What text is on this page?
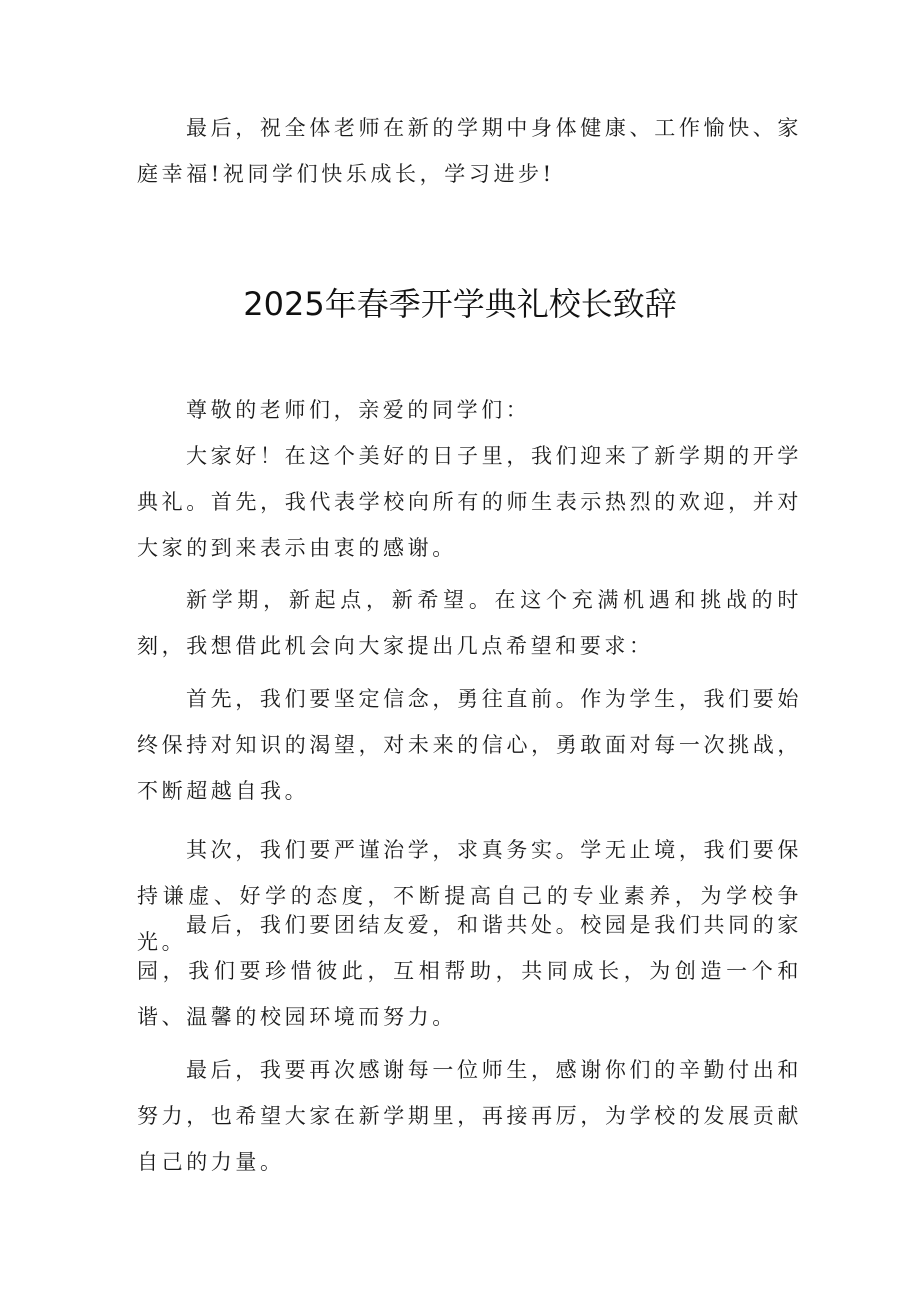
最后，祝全体老师在新的学期中身体健康、工作愉快、家庭幸福!祝同学们快乐成长，学习进步!

2025年春季开学典礼校长致辞

尊敬的老师们，亲爱的同学们：

大家好！在这个美好的日子里，我们迎来了新学期的开学典礼。首先，我代表学校向所有的师生表示热烈的欢迎，并对大家的到来表示由衷的感谢。

新学期，新起点，新希望。在这个充满机遇和挑战的时刻，我想借此机会向大家提出几点希望和要求：

首先，我们要坚定信念，勇往直前。作为学生，我们要始终保持对知识的渴望，对未来的信心，勇敢面对每一次挑战，不断超越自我。

其次，我们要严谨治学，求真务实。学无止境，我们要保持谦虚、好学的态度，不断提高自己的专业素养，为学校争光。

最后，我们要团结友爱，和谐共处。校园是我们共同的家园，我们要珍惜彼此，互相帮助，共同成长，为创造一个和谐、温馨的校园环境而努力。

最后，我要再次感谢每一位师生，感谢你们的辛勤付出和努力，也希望大家在新学期里，再接再厉，为学校的发展贡献自己的力量。
